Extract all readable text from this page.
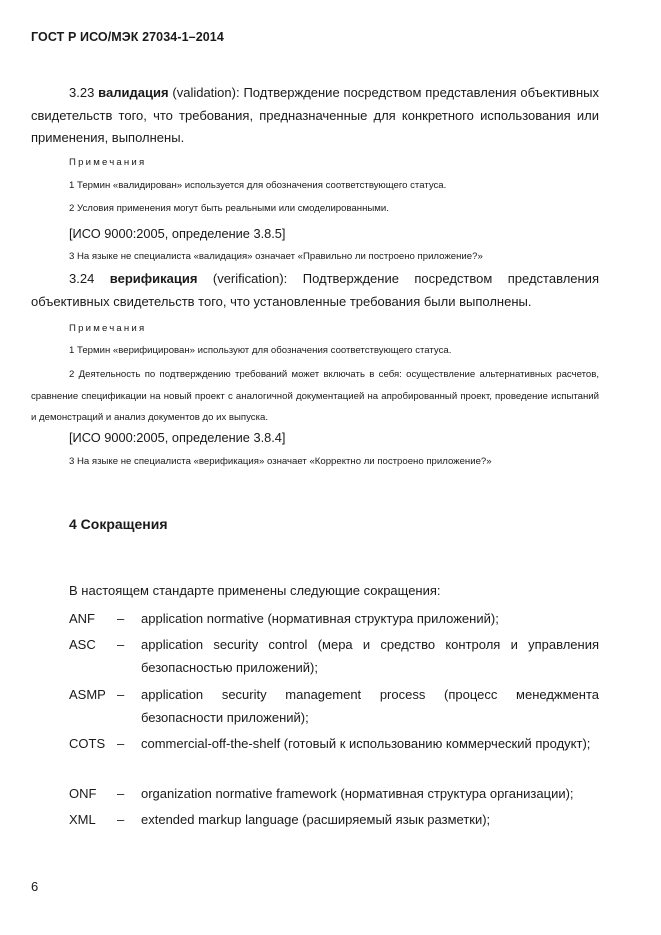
ГОСТ Р ИСО/МЭК 27034-1–2014
3.23 валидация (validation): Подтверждение посредством представления объективных свидетельств того, что требования, предназначенные для конкретного использования или применения, выполнены.
Примечания
1 Термин «валидирован» используется для обозначения соответствующего статуса.
2 Условия применения могут быть реальными или смоделированными.
[ИСО 9000:2005, определение 3.8.5]
3 На языке не специалиста «валидация» означает «Правильно ли построено приложение?»
3.24 верификация (verification): Подтверждение посредством представления объективных свидетельств того, что установленные требования были выполнены.
Примечания
1 Термин «верифицирован» используют для обозначения соответствующего статуса.
2 Деятельность по подтверждению требований может включать в себя: осуществление альтернативных расчетов, сравнение спецификации на новый проект с аналогичной документацией на апробированный проект, проведение испытаний и демонстраций и анализ документов до их выпуска.
[ИСО 9000:2005, определение 3.8.4]
3 На языке не специалиста «верификация» означает «Корректно ли построено приложение?»
4 Сокращения
В настоящем стандарте применены следующие сокращения:
ANF – application normative (нормативная структура приложений);
ASC – application security control (мера и средство контроля и управления безопасностью приложений);
ASMP – application security management process (процесс менеджмента безопасности приложений);
COTS – commercial-off-the-shelf (готовый к использованию коммерческий продукт);
ONF – organization normative framework (нормативная структура организации);
XML – extended markup language (расширяемый язык разметки);
6
